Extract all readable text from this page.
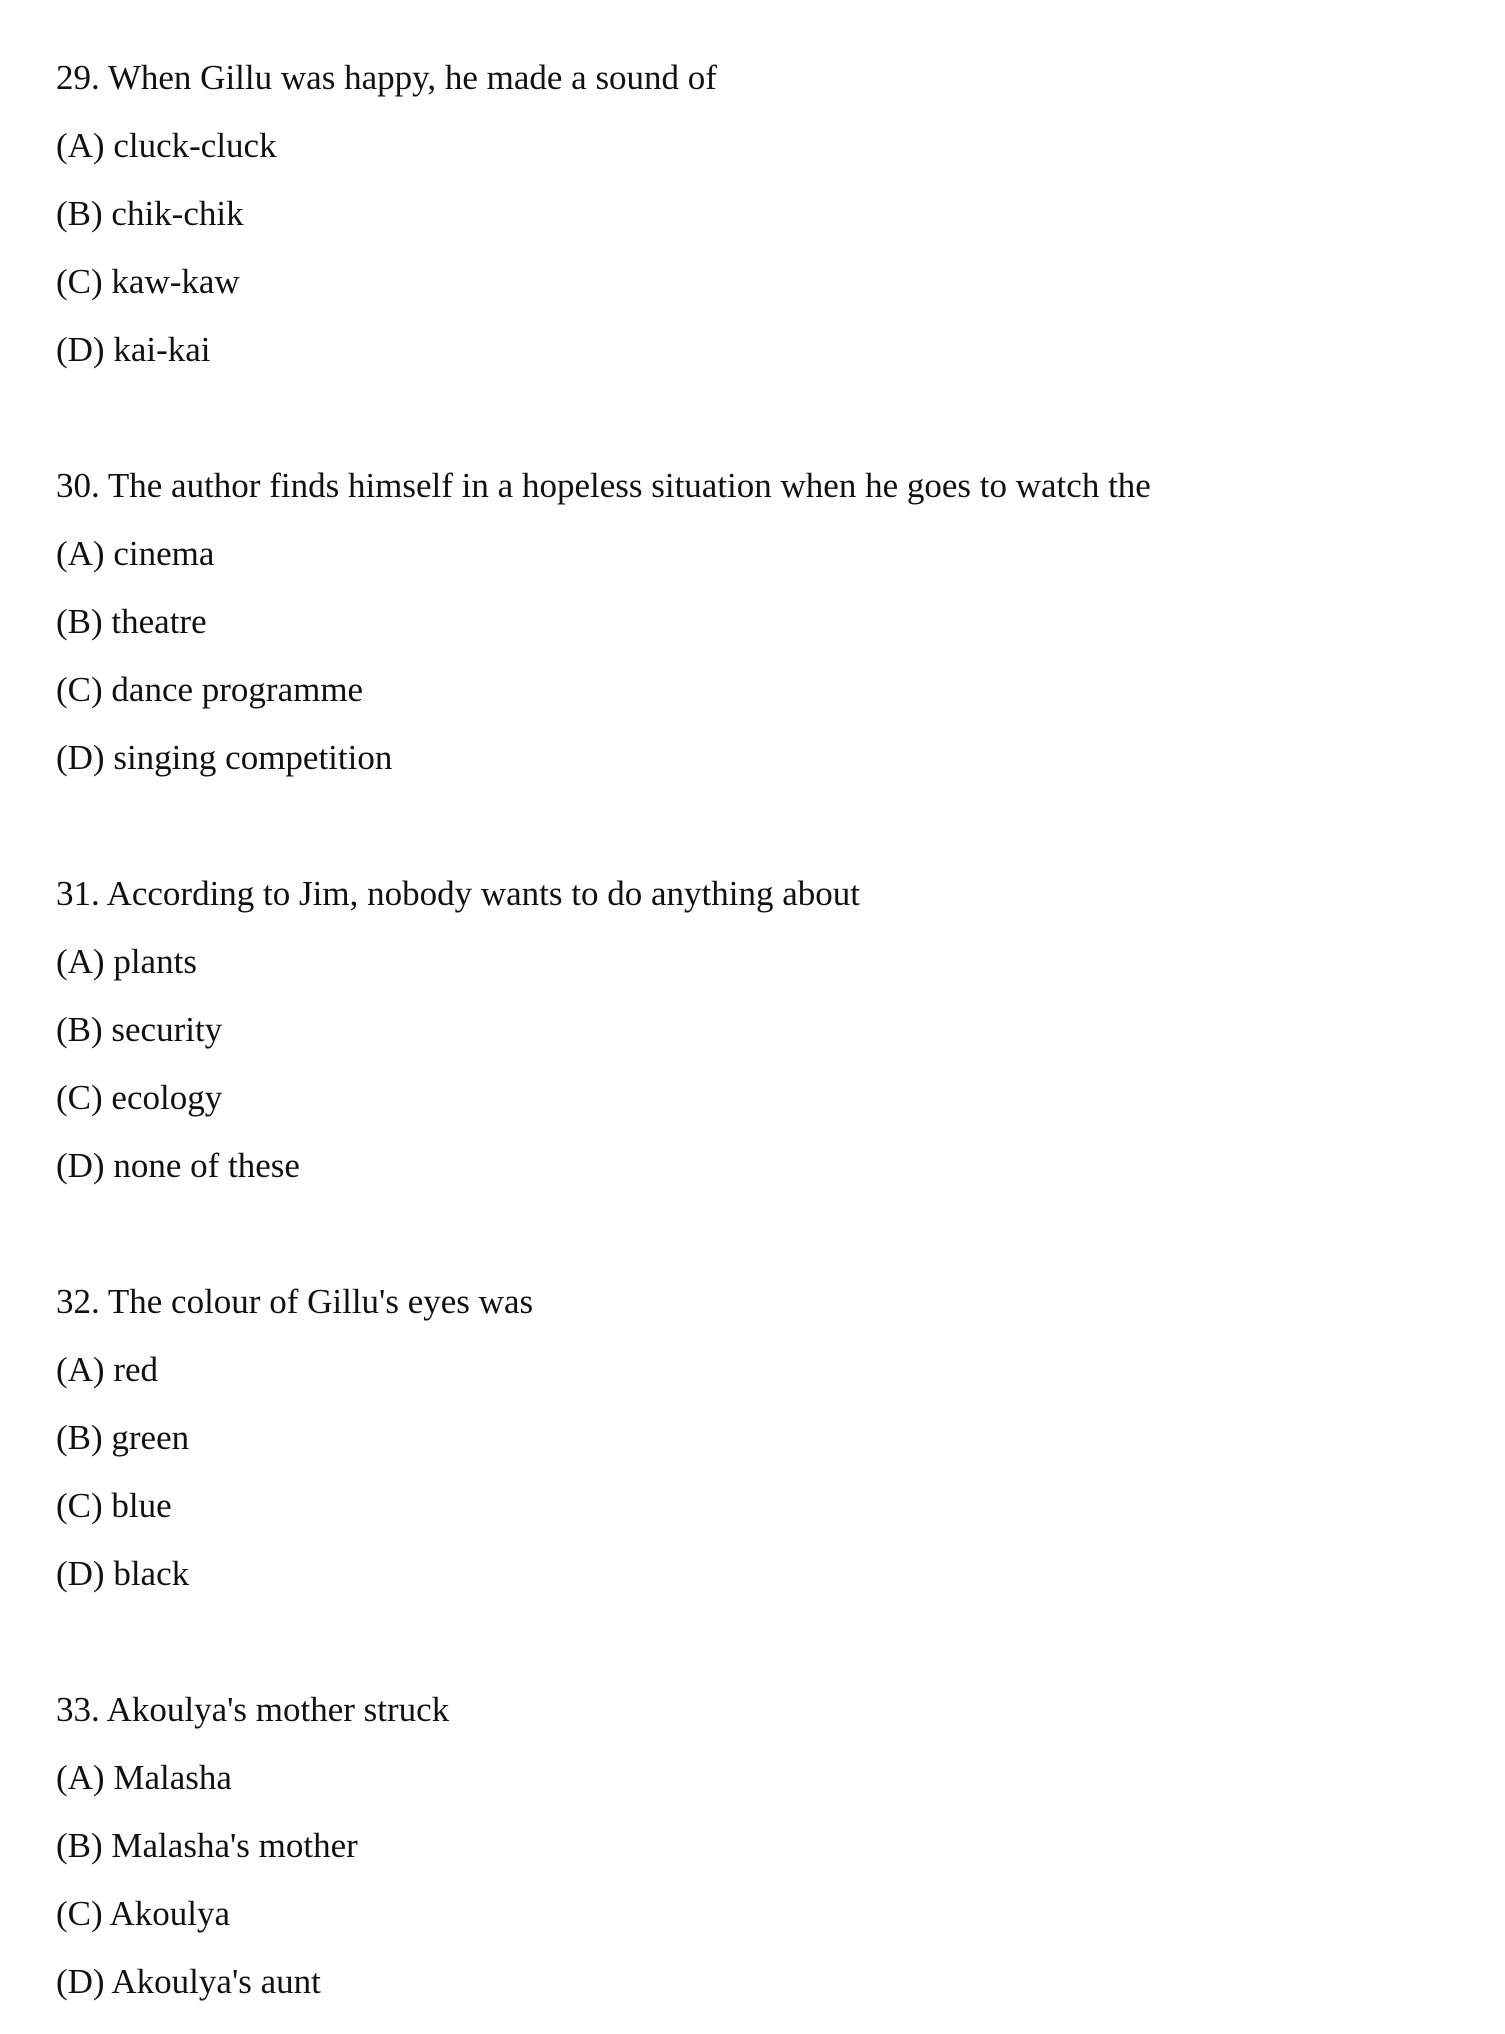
29. When Gillu was happy, he made a sound of
(A) cluck-cluck
(B) chik-chik
(C) kaw-kaw
(D) kai-kai
30. The author finds himself in a hopeless situation when he goes to watch the
(A) cinema
(B) theatre
(C) dance programme
(D) singing competition
31. According to Jim, nobody wants to do anything about
(A) plants
(B) security
(C) ecology
(D) none of these
32. The colour of Gillu's eyes was
(A) red
(B) green
(C) blue
(D) black
33. Akoulya's mother struck
(A) Malasha
(B) Malasha's mother
(C) Akoulya
(D) Akoulya's aunt
